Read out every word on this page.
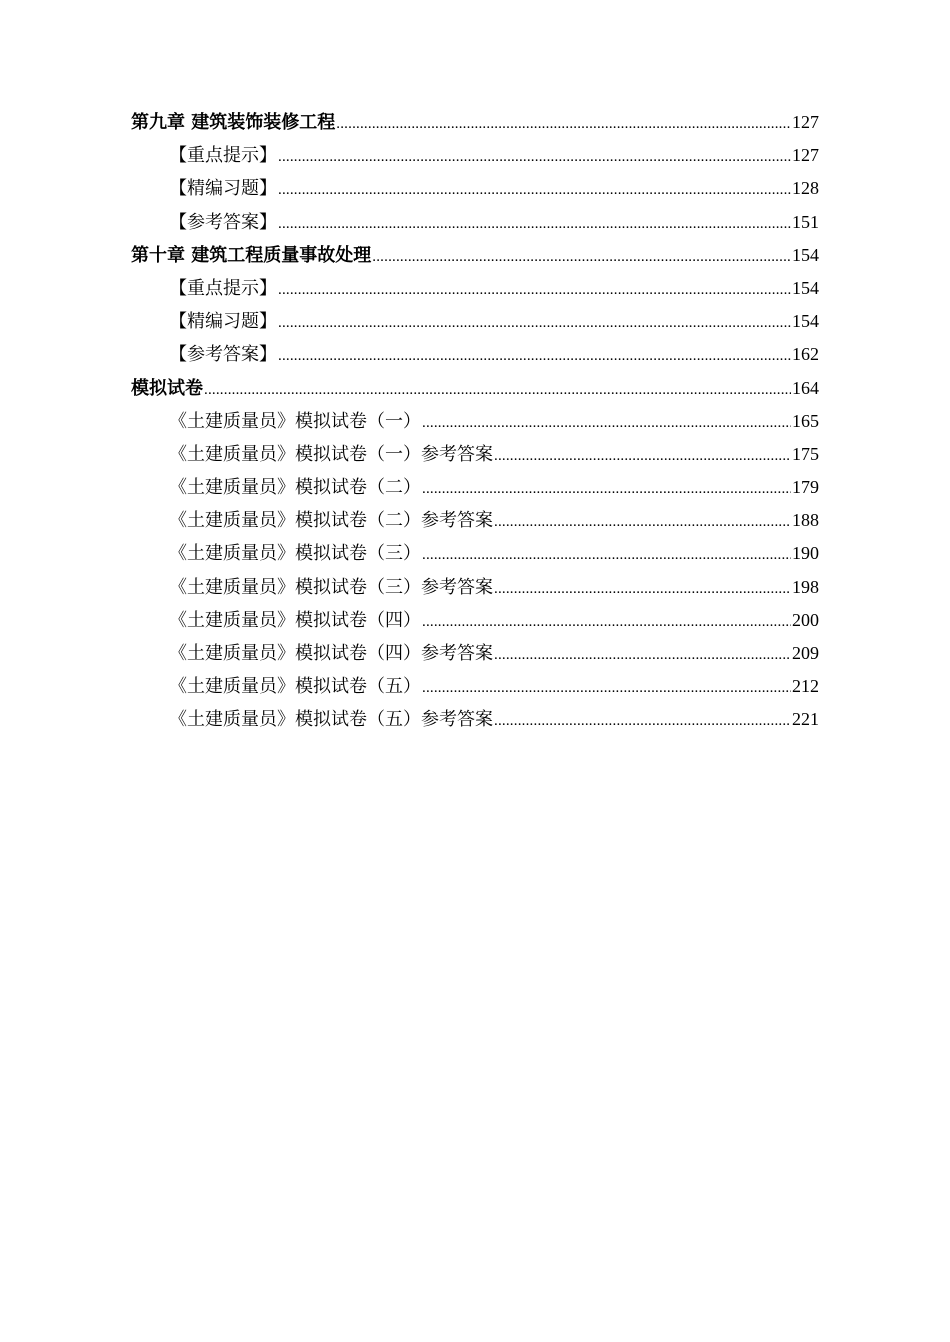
第九章 建筑装饰装修工程 .....	127
【重点提示】 .....	127
【精编习题】 .....	128
【参考答案】 .....	151
第十章 建筑工程质量事故处理 .....	154
【重点提示】 .....	154
【精编习题】 .....	154
【参考答案】 .....	162
模拟试卷 .....	164
《土建质量员》模拟试卷（一） .....	165
《土建质量员》模拟试卷（一）参考答案 .....	175
《土建质量员》模拟试卷（二） .....	179
《土建质量员》模拟试卷（二）参考答案 .....	188
《土建质量员》模拟试卷（三） .....	190
《土建质量员》模拟试卷（三）参考答案 .....	198
《土建质量员》模拟试卷（四） .....	200
《土建质量员》模拟试卷（四）参考答案 .....	209
《土建质量员》模拟试卷（五） .....	212
《土建质量员》模拟试卷（五）参考答案 .....	221
